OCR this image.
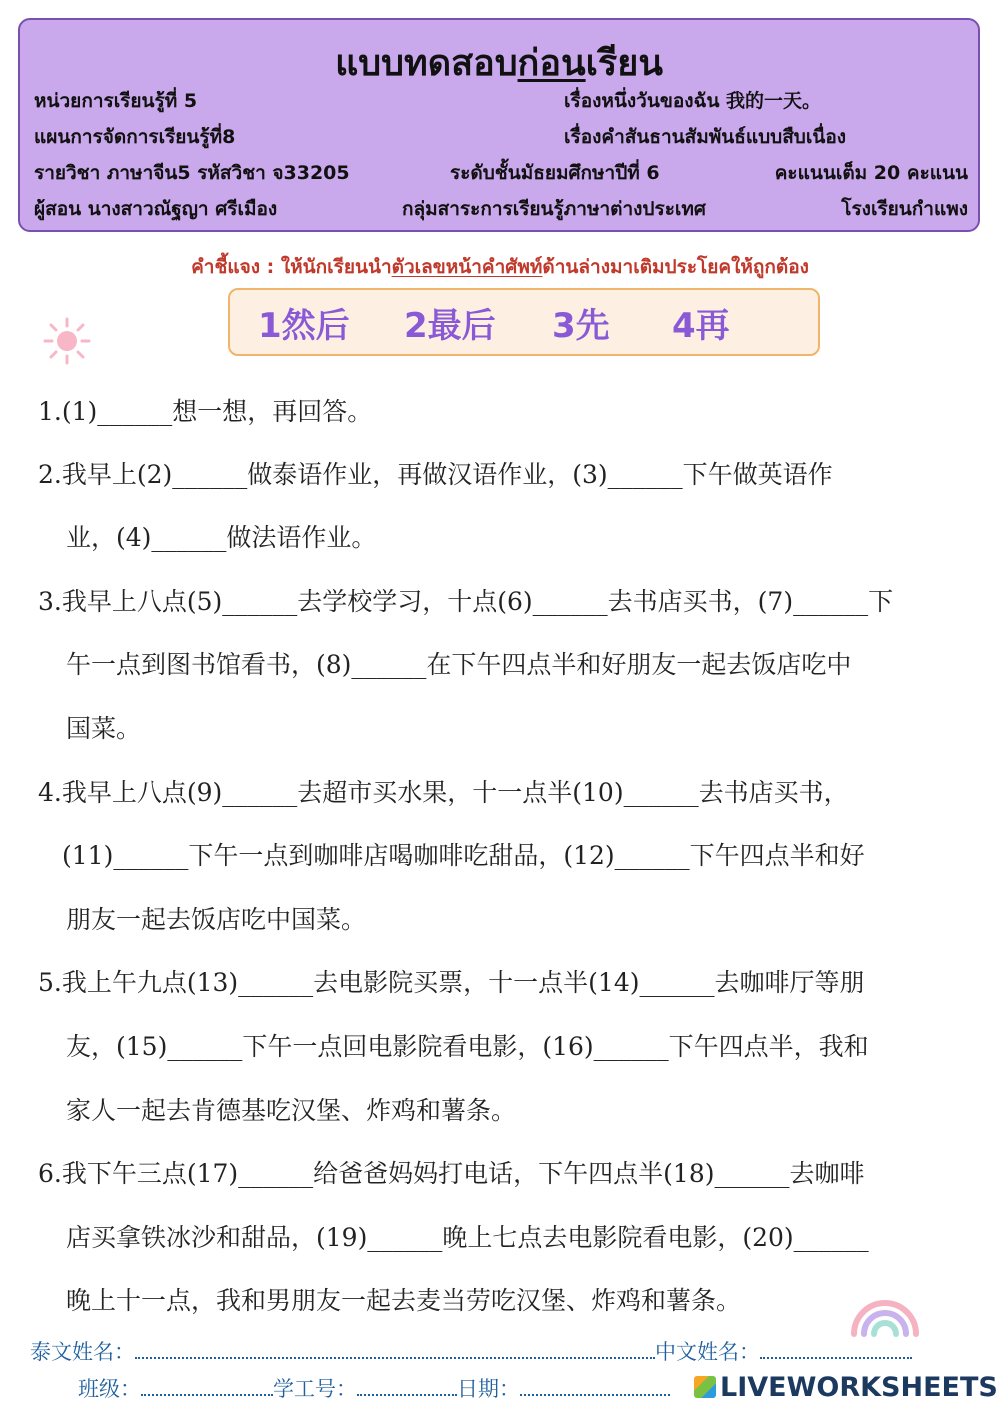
แบบทดสอบก่อนเรียน
หน่วยการเรียนรู้ที่ 5	เรื่องหนึ่งวันของฉัน 我的一天。
แผนการจัดการเรียนรู้ที่8	เรื่องคำสันธานสัมพันธ์แบบสืบเนื่อง
รายวิชา ภาษาจีน5 รหัสวิชา จ33205	ระดับชั้นมัธยมศึกษาปีที่ 6	คะแนนเต็ม 20 คะแนน
ผู้สอน นางสาวณัฐญา ศรีเมือง	กลุ่มสาระการเรียนรู้ภาษาต่างประเทศ	โรงเรียนกำแพง
คำชี้แจง : ให้นักเรียนนำตัวเลขหน้าคำศัพท์ด้านล่างมาเติมประโยคให้ถูกต้อง
1然后 2最后 3先 4再
1.(1)______想一想，再回答。
2.我早上(2)______做泰语作业，再做汉语作业，(3)______下午做英语作
业，(4)______做法语作业。
3.我早上八点(5)______去学校学习，十点(6)______去书店买书，(7)______下
午一点到图书馆看书，(8)______在下午四点半和好朋友一起去饭店吃中
国菜。
4.我早上八点(9)______去超市买水果，十一点半(10)______去书店买书，
(11)______下午一点到咖啡店喝咖啡吃甜品，(12)______下午四点半和好
朋友一起去饭店吃中国菜。
5.我上午九点(13)______去电影院买票，十一点半(14)______去咖啡厅等朋
友，(15)______下午一点回电影院看电影，(16)______下午四点半，我和
家人一起去肯德基吃汉堡、炸鸡和薯条。
6.我下午三点(17)______给爸爸妈妈打电话，下午四点半(18)______去咖啡
店买拿铁冰沙和甜品，(19)______晚上七点去电影院看电影，(20)______
晚上十一点，我和男朋友一起去麦当劳吃汉堡、炸鸡和薯条。
泰文姓名：	中文姓名：
班级：	学工号：	日期：	LIVEWORKSHEETS
